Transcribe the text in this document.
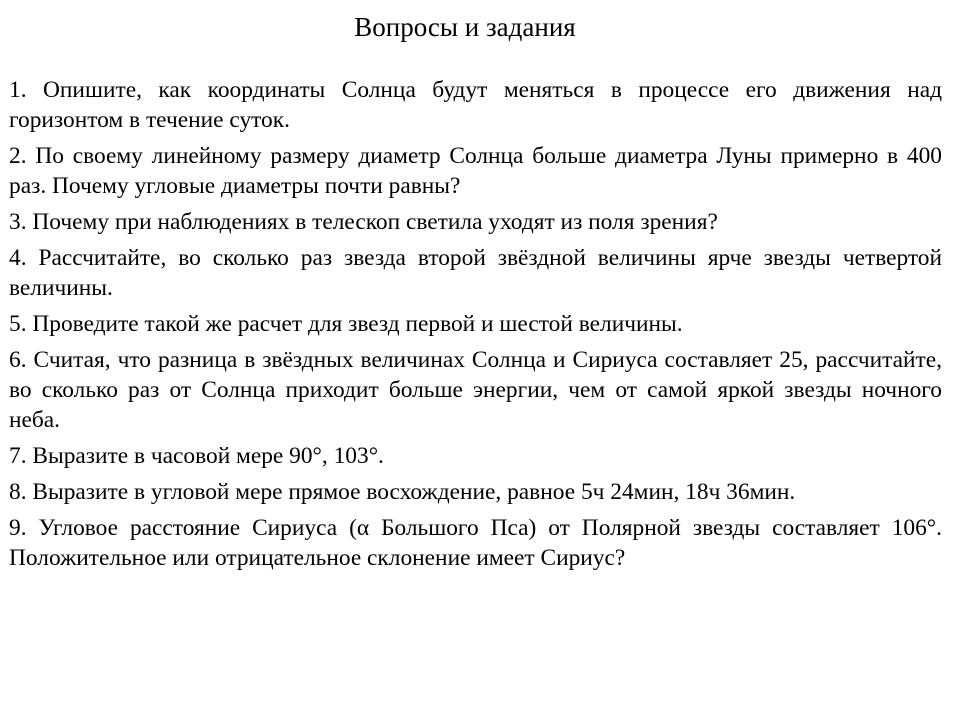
Вопросы и задания
1. Опишите, как координаты Солнца будут меняться в процессе его движения над горизонтом в течение суток.
2. По своему линейному размеру диаметр Солнца больше диаметра Луны примерно в 400 раз. Почему угловые диаметры почти равны?
3. Почему при наблюдениях в телескоп светила уходят из поля зрения?
4. Рассчитайте, во сколько раз звезда второй звёздной величины ярче звезды четвертой величины.
5. Проведите такой же расчет для звезд первой и шестой величины.
6. Считая, что разница в звёздных величинах Солнца и Сириуса составляет 25, рассчитайте, во сколько раз от Солнца приходит больше энергии, чем от самой яркой звезды ночного неба.
7. Выразите в часовой мере 90°, 103°.
8. Выразите в угловой мере прямое восхождение, равное 5ч 24мин, 18ч 36мин.
9. Угловое расстояние Сириуса (α Большого Пса) от Полярной звезды составляет 106°. Положительное или отрицательное склонение имеет Сириус?
